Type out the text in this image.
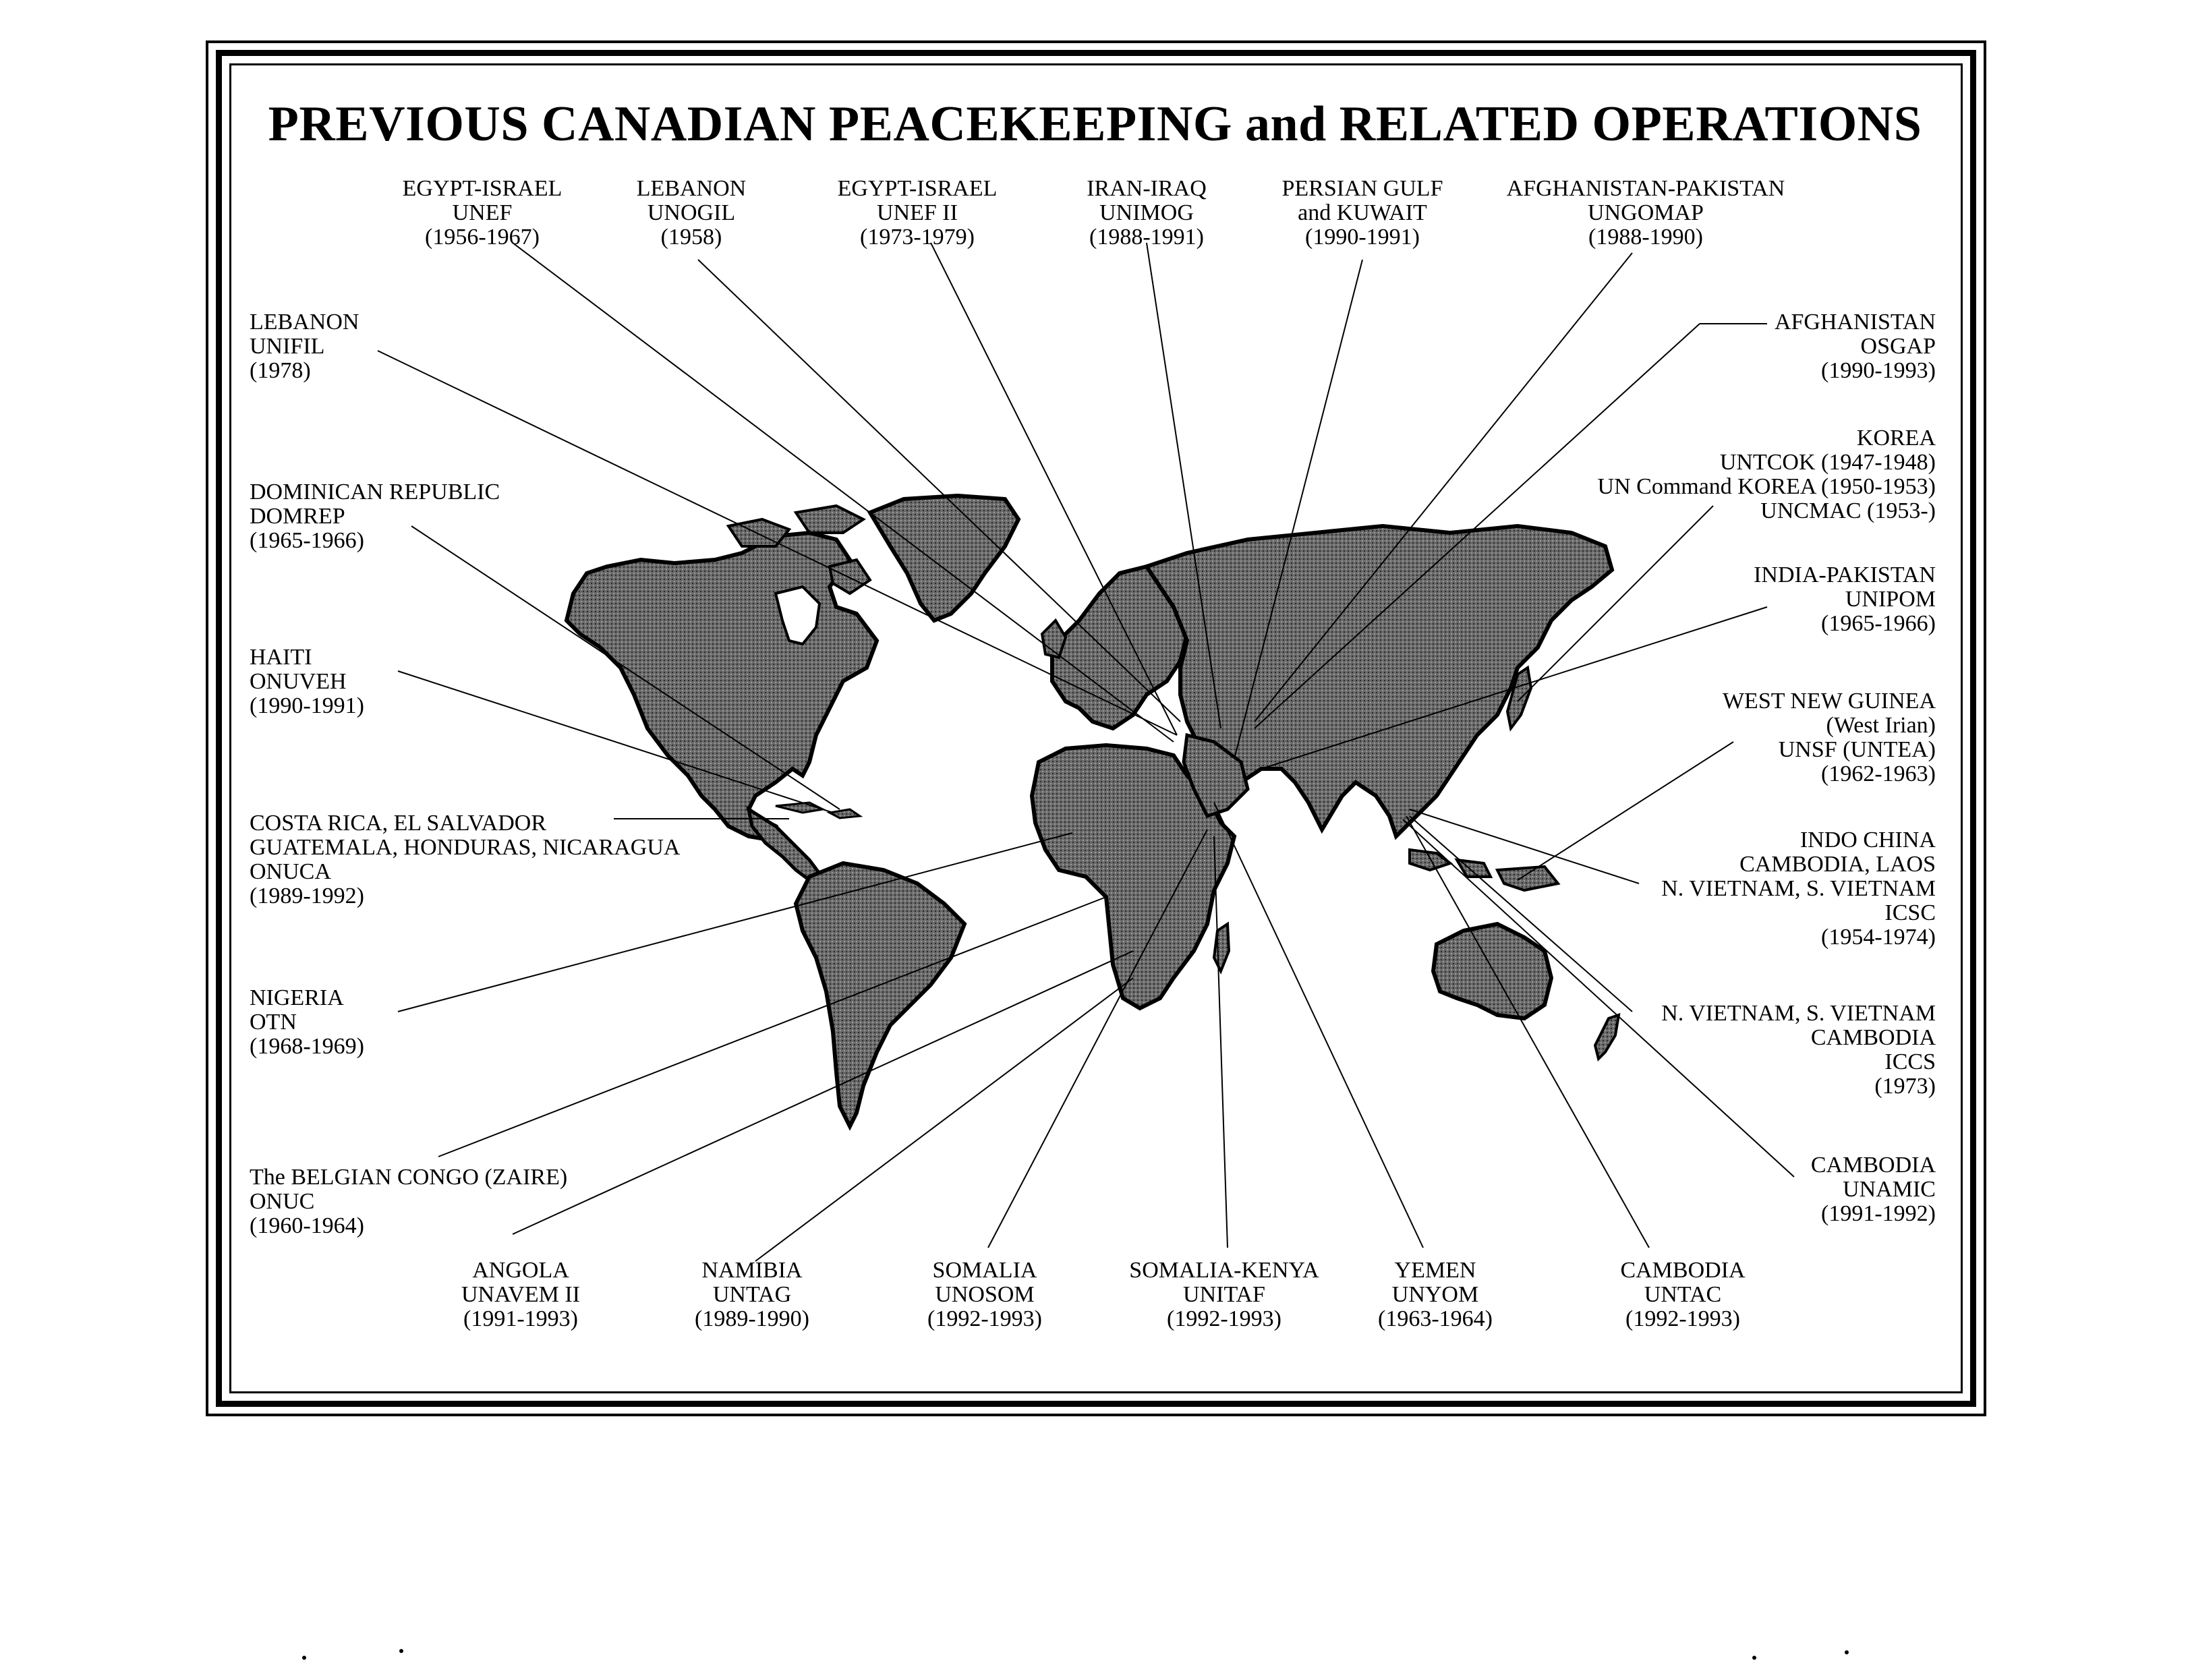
PREVIOUS CANADIAN PEACEKEEPING and RELATED OPERATIONS
EGYPT-ISRAEL
UNEF
(1956-1967)
LEBANON
UNOGIL
(1958)
EGYPT-ISRAEL
UNEF II
(1973-1979)
IRAN-IRAQ
UNIMOG
(1988-1991)
PERSIAN GULF
and KUWAIT
(1990-1991)
AFGHANISTAN-PAKISTAN
UNGOMAP
(1988-1990)
LEBANON
UNIFIL
(1978)
DOMINICAN REPUBLIC
DOMREP
(1965-1966)
HAITI
ONUVEH
(1990-1991)
COSTA RICA, EL SALVADOR
GUATEMALA, HONDURAS, NICARAGUA
ONUCA
(1989-1992)
NIGERIA
OTN
(1968-1969)
The BELGIAN CONGO (ZAIRE)
ONUC
(1960-1964)
AFGHANISTAN
OSGAP
(1990-1993)
KOREA
UNTCOK (1947-1948)
UN Command KOREA (1950-1953)
UNCMAC (1953-)
INDIA-PAKISTAN
UNIPOM
(1965-1966)
WEST NEW GUINEA
(West Irian)
UNSF (UNTEA)
(1962-1963)
INDO CHINA
CAMBODIA, LAOS
N. VIETNAM, S. VIETNAM
ICSC
(1954-1974)
N. VIETNAM, S. VIETNAM
CAMBODIA
ICCS
(1973)
CAMBODIA
UNAMIC
(1991-1992)
ANGOLA
UNAVEM II
(1991-1993)
NAMIBIA
UNTAG
(1989-1990)
SOMALIA
UNOSOM
(1992-1993)
SOMALIA-KENYA
UNITAF
(1992-1993)
YEMEN
UNYOM
(1963-1964)
CAMBODIA
UNTAC
(1992-1993)
